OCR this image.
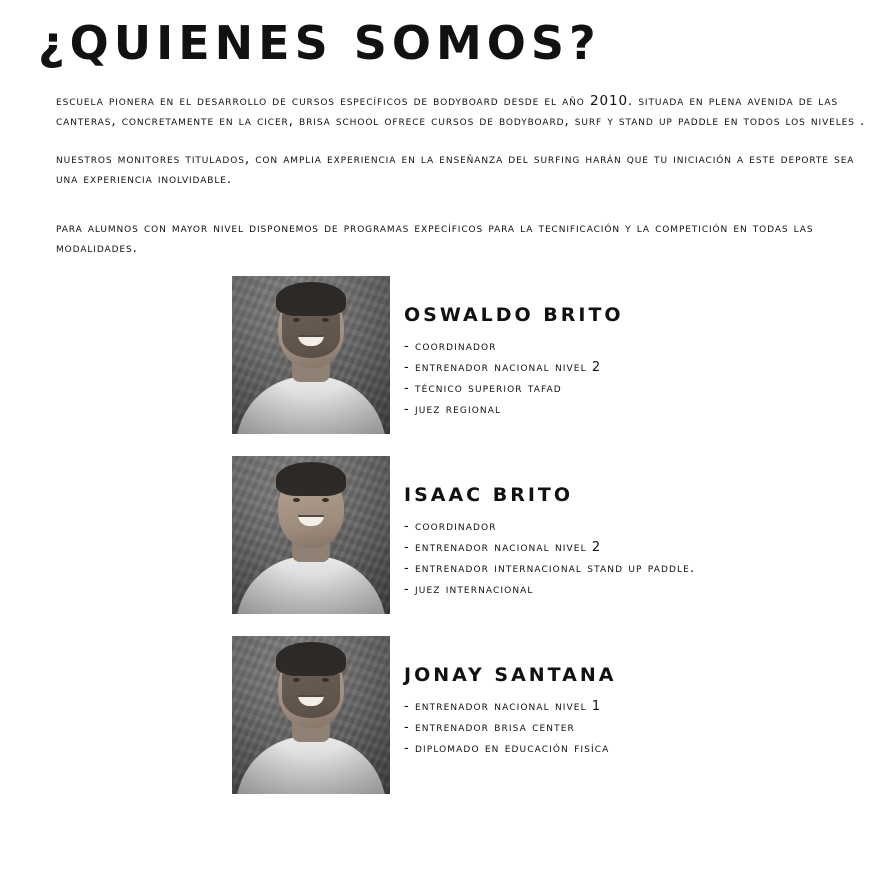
¿QUIENES SOMOS?

escuela pionera en el desarrollo de cursos específicos de bodyboard desde el año 2010. situada en plena avenida de las canteras, concretamente en la cicer, brisa school ofrece cursos de bodyboard, surf y stand up paddle en todos los niveles .

nuestros monitores titulados, con amplia experiencia en la enseñanza del surfing harán que tu iniciación a este deporte sea una experiencia inolvidable.

para alumnos con mayor nivel disponemos de programas expecíficos para la tecnificación y la competición en todas las modalidades.

OSWALDO BRITO
- coordinador
- entrenador nacional nivel 2
- técnico superior tafad
- juez regional
ISAAC BRITO
- coordinador
- entrenador nacional nivel 2
- entrenador internacional stand up paddle.
- juez internacional
JONAY SANTANA
- entrenador nacional nivel 1
- entrenador brisa center
- diplomado en educación fisíca
